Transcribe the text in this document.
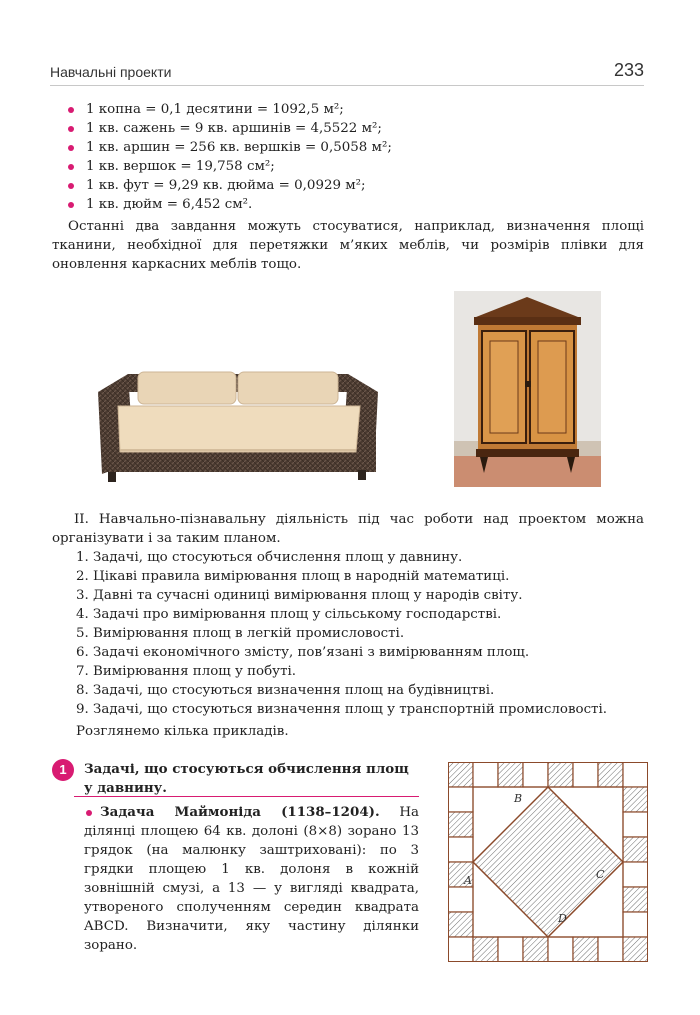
Навчальні проекти	233
1 копна = 0,1 десятини = 1092,5 м²;
1 кв. сажень = 9 кв. аршинів = 4,5522 м²;
1 кв. аршин = 256 кв. вершків = 0,5058 м²;
1 кв. вершок = 19,758 см²;
1 кв. фут = 9,29 кв. дюйма = 0,0929 м²;
1 кв. дюйм = 6,452 см².

Останні два завдання можуть стосуватися, наприклад, визначення площі тканини, необхідної для перетяжки м’яких меблів, чи розмірів плівки для оновлення каркасних меблів тощо.

II. Навчально-пізнавальну діяльність під час роботи над проектом можна організувати і за таким планом.

1. Задачі, що стосуються обчислення площ у давнину.
2. Цікаві правила вимірювання площ в народній математиці.
3. Давні та сучасні одиниці вимірювання площ у народів світу.
4. Задачі про вимірювання площ у сільському господарстві.
5. Вимірювання площ в легкій промисловості.
6. Задачі економічного змісту, пов’язані з вимірюванням площ.
7. Вимірювання площ у побуті.
8. Задачі, що стосуються визначення площ на будівництві.
9. Задачі, що стосуються визначення площ у транспортній промисловості.

Розглянемо кілька прикладів.

1	Задачі, що стосуються обчислення площ у давнину.

Задача Маймоніда (1138–1204). На ділянці площею 64 кв. долоні (8×8) зорано 13 грядок (на малюнку заштриховані): по 3 грядки площею 1 кв. долоня в кожній зовнішній смузі, а 13 — у вигляді квадрата, утвореного сполученням середин квадрата ABCD. Визначити, яку частину ділянки зорано.

A
B
C
D
